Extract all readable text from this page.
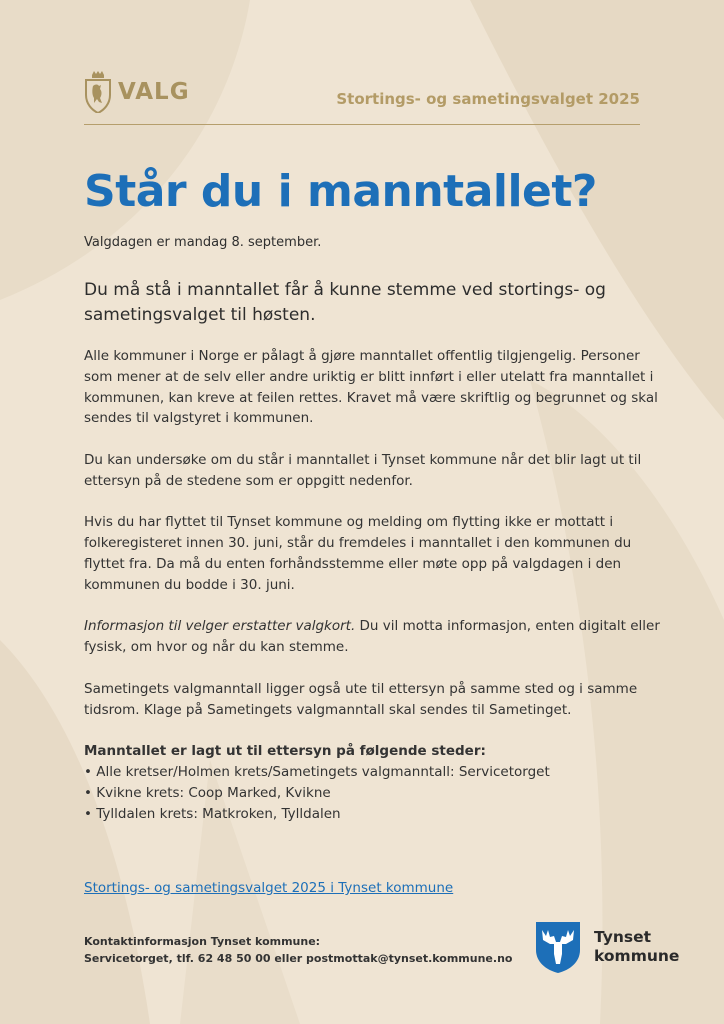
VALG	Stortings- og sametingsvalget 2025
Står du i manntallet?
Valgdagen er mandag 8. september.

Du må stå i manntallet får å kunne stemme ved stortings- og sametingsvalget til høsten.

Alle kommuner i Norge er pålagt å gjøre manntallet offentlig tilgjengelig. Personer som mener at de selv eller andre uriktig er blitt innført i eller utelatt fra manntallet i kommunen, kan kreve at feilen rettes. Kravet må være skriftlig og begrunnet og skal sendes til valgstyret i kommunen.

Du kan undersøke om du står i manntallet i Tynset kommune når det blir lagt ut til ettersyn på de stedene som er oppgitt nedenfor.

Hvis du har flyttet til Tynset kommune og melding om flytting ikke er mottatt i folkeregisteret innen 30. juni, står du fremdeles i manntallet i den kommunen du flyttet fra. Da må du enten forhåndsstemme eller møte opp på valgdagen i den kommunen du bodde i 30. juni.

Informasjon til velger erstatter valgkort. Du vil motta informasjon, enten digitalt eller fysisk, om hvor og når du kan stemme.

Sametingets valgmanntall ligger også ute til ettersyn på samme sted og i samme tidsrom. Klage på Sametingets valgmanntall skal sendes til Sametinget.

Manntallet er lagt ut til ettersyn på følgende steder:
• Alle kretser/Holmen krets/Sametingets valgmanntall: Servicetorget
• Kvikne krets: Coop Marked, Kvikne
• Tylldalen krets: Matkroken, Tylldalen
Stortings- og sametingsvalget 2025 i Tynset kommune
Kontaktinformasjon Tynset kommune:
Servicetorget, tlf. 62 48 50 00 eller postmottak@tynset.kommune.no
Tynset
kommune
